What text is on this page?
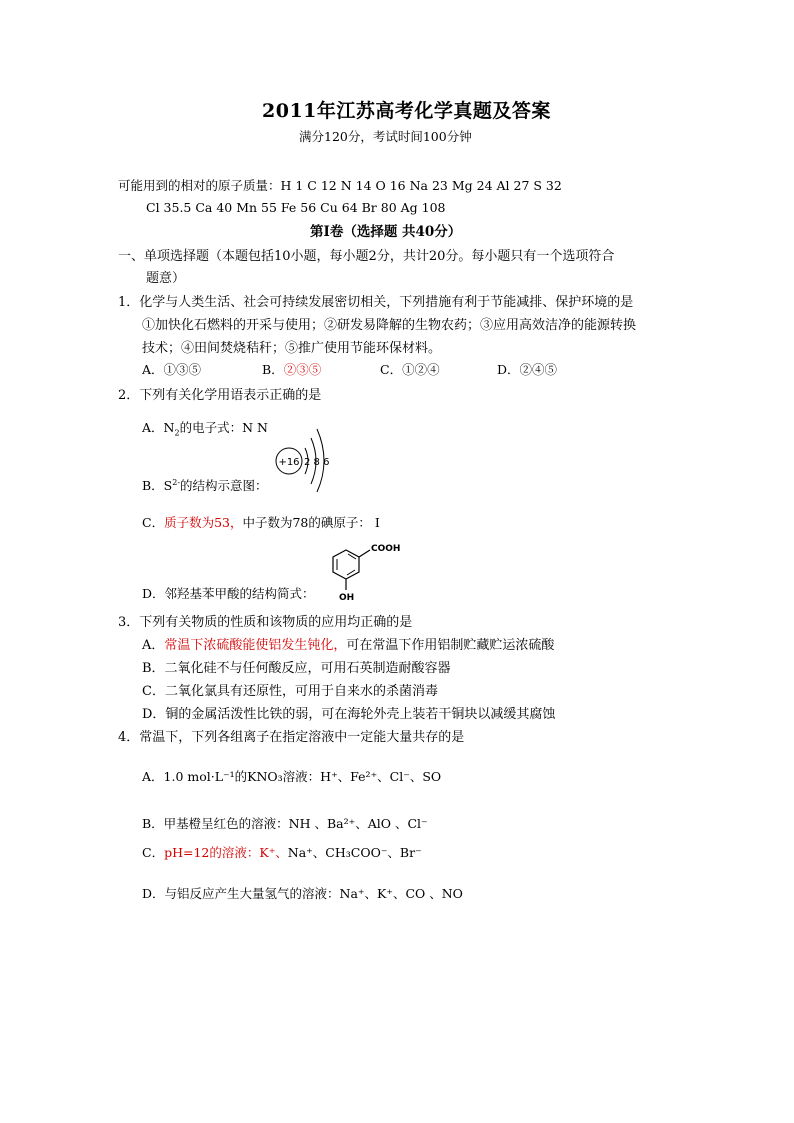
2011年江苏高考化学真题及答案
满分120分，考试时间100分钟
可能用到的相对的原子质量：H 1 C 12 N 14 O 16 Na 23 Mg 24 Al 27 S 32
Cl 35.5 Ca 40 Mn 55 Fe 56 Cu 64 Br 80 Ag 108
第Ⅰ卷（选择题 共40分）
一、单项选择题（本题包括10小题，每小题2分，共计20分。每小题只有一个选项符合
题意）
1．化学与人类生活、社会可持续发展密切相关，下列措施有利于节能减排、保护环境的是
①加快化石燃料的开采与使用；②研发易降解的生物农药；③应用高效洁净的能源转换
技术；④田间焚烧秸秆；⑤推广使用节能环保材料。
A．①③⑤	B．②③⑤	C．①②④	D．②④⑤
2．下列有关化学用语表示正确的是
A．$N_2$的电子式：N N
+16 2 8 6
B．$S^{2-}$的结构示意图：
C．质子数为53，中子数为78的碘原子： I
COOH
OH
D．邻羟基苯甲酸的结构简式：
3．下列有关物质的性质和该物质的应用均正确的是
A．常温下浓硫酸能使铝发生钝化，可在常温下作用铝制贮藏贮运浓硫酸
B．二氧化硅不与任何酸反应，可用石英制造耐酸容器
C．二氧化氯具有还原性，可用于自来水的杀菌消毒
D．铜的金属活泼性比铁的弱，可在海轮外壳上装若干铜块以减缓其腐蚀
4．常温下，下列各组离子在指定溶液中一定能大量共存的是
A．1.0 mol·L⁻¹的KNO₃溶液：H⁺、Fe²⁺、Cl⁻、SO
B．甲基橙呈红色的溶液：NH 、Ba²⁺、AlO 、Cl⁻
C．pH=12的溶液：K⁺、Na⁺、CH₃COO⁻、Br⁻
D．与铝反应产生大量氢气的溶液：Na⁺、K⁺、CO 、NO
